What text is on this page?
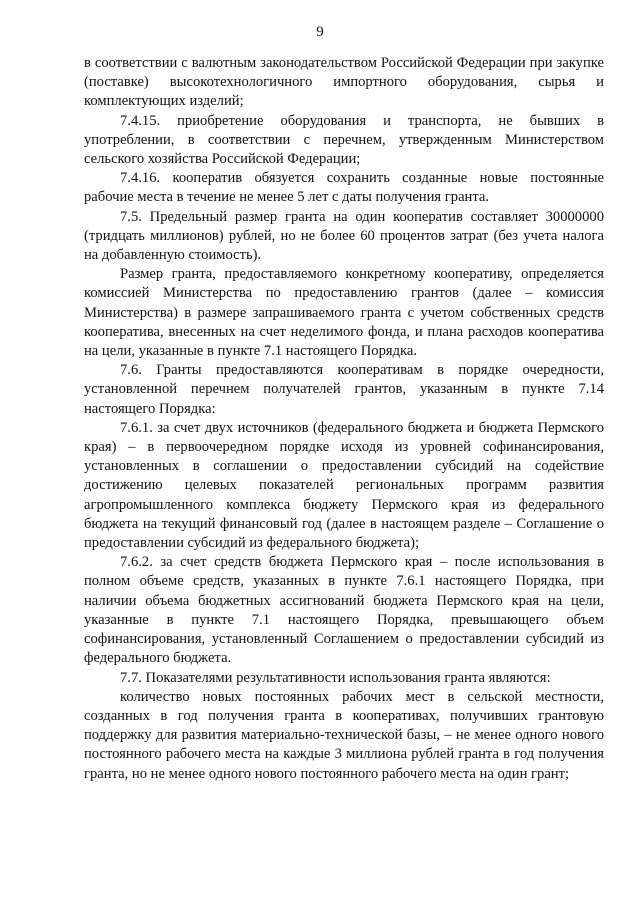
9

в соответствии с валютным законодательством Российской Федерации при закупке (поставке) высокотехнологичного импортного оборудования, сырья и комплектующих изделий;

7.4.15. приобретение оборудования и транспорта, не бывших в употреблении, в соответствии с перечнем, утвержденным Министерством сельского хозяйства Российской Федерации;

7.4.16. кооператив обязуется сохранить созданные новые постоянные рабочие места в течение не менее 5 лет с даты получения гранта.

7.5. Предельный размер гранта на один кооператив составляет 30000000 (тридцать миллионов) рублей, но не более 60 процентов затрат (без учета налога на добавленную стоимость).

Размер гранта, предоставляемого конкретному кооперативу, определяется комиссией Министерства по предоставлению грантов (далее – комиссия Министерства) в размере запрашиваемого гранта с учетом собственных средств кооператива, внесенных на счет неделимого фонда, и плана расходов кооператива на цели, указанные в пункте 7.1 настоящего Порядка.

7.6. Гранты предоставляются кооперативам в порядке очередности, установленной перечнем получателей грантов, указанным в пункте 7.14 настоящего Порядка:

7.6.1. за счет двух источников (федерального бюджета и бюджета Пермского края) – в первоочередном порядке исходя из уровней софинансирования, установленных в соглашении о предоставлении субсидий на содействие достижению целевых показателей региональных программ развития агропромышленного комплекса бюджету Пермского края из федерального бюджета на текущий финансовый год (далее в настоящем разделе – Соглашение о предоставлении субсидий из федерального бюджета);

7.6.2. за счет средств бюджета Пермского края – после использования в полном объеме средств, указанных в пункте 7.6.1 настоящего Порядка, при наличии объема бюджетных ассигнований бюджета Пермского края на цели, указанные в пункте 7.1 настоящего Порядка, превышающего объем софинансирования, установленный Соглашением о предоставлении субсидий из федерального бюджета.

7.7. Показателями результативности использования гранта являются:

количество новых постоянных рабочих мест в сельской местности, созданных в год получения гранта в кооперативах, получивших грантовую поддержку для развития материально-технической базы, – не менее одного нового постоянного рабочего места на каждые 3 миллиона рублей гранта в год получения гранта, но не менее одного нового постоянного рабочего места на один грант;
